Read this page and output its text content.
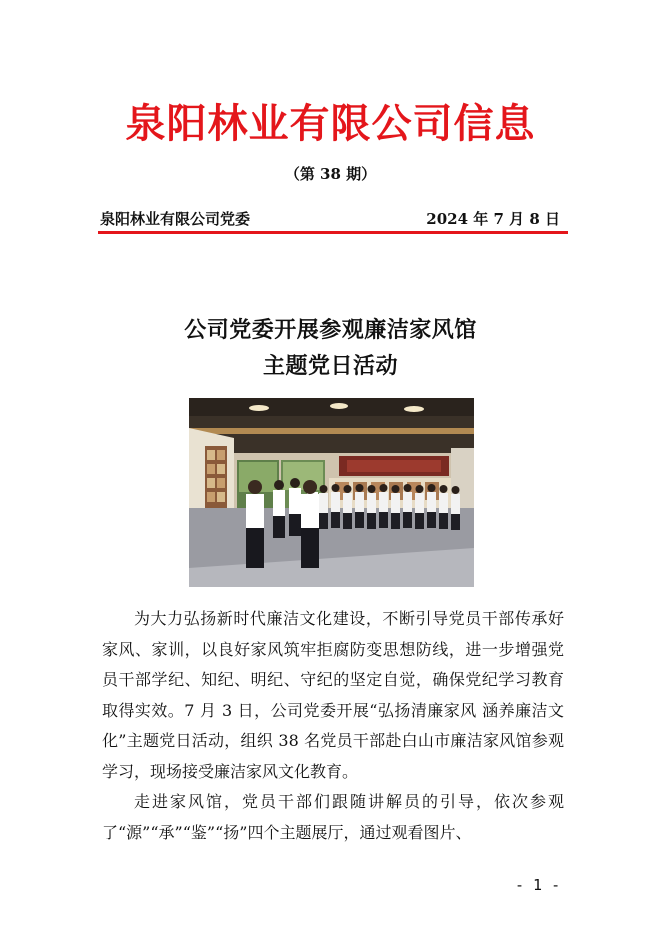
泉阳林业有限公司信息
（第 38 期）
泉阳林业有限公司党委	2024 年 7 月 8 日
公司党委开展参观廉洁家风馆
主题党日活动

为大力弘扬新时代廉洁文化建设，不断引导党员干部传承好家风、家训，以良好家风筑牢拒腐防变思想防线，进一步增强党员干部学纪、知纪、明纪、守纪的坚定自觉，确保党纪学习教育取得实效。7 月 3 日，公司党委开展“弘扬清廉家风 涵养廉洁文化”主题党日活动，组织 38 名党员干部赴白山市廉洁家风馆参观学习，现场接受廉洁家风文化教育。

走进家风馆，党员干部们跟随讲解员的引导，依次参观了“源”“承”“鉴”“扬”四个主题展厅，通过观看图片、

- 1 -
